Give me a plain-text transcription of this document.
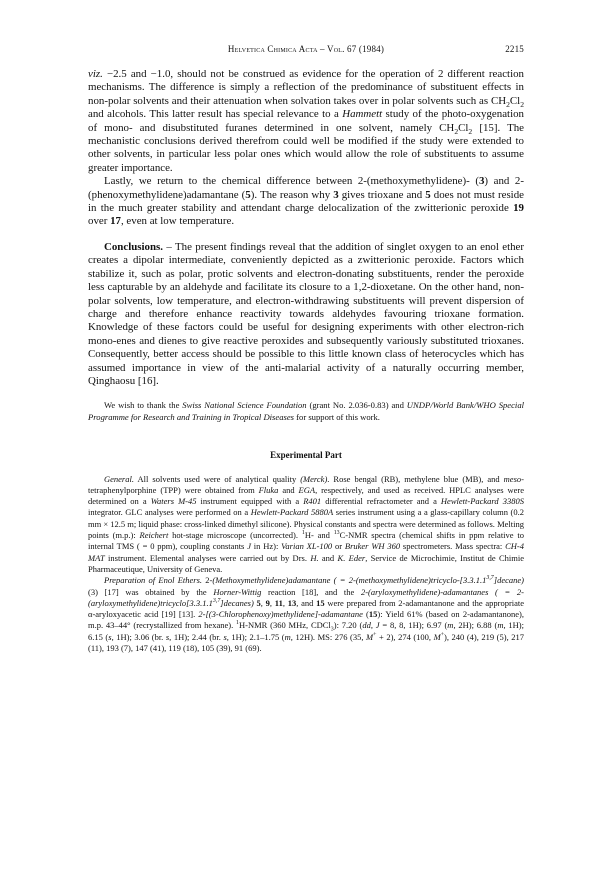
Helvetica Chimica Acta – Vol. 67 (1984)	2215

viz. −2.5 and −1.0, should not be construed as evidence for the operation of 2 different reaction mechanisms. The difference is simply a reflection of the predominance of substituent effects in non-polar solvents and their attenuation when solvation takes over in polar solvents such as $CH_2Cl_2$ and alcohols. This latter result has special relevance to a Hammett study of the photo-oxygenation of mono- and disubstituted furanes determined in one solvent, namely $CH_2Cl_2$ [15]. The mechanistic conclusions derived therefrom could well be modified if the study were extended to other solvents, in particular less polar ones which would allow the role of substituents to assume greater importance.

Lastly, we return to the chemical difference between 2-(methoxymethylidene)- (3) and 2-(phenoxymethylidene)adamantane (5). The reason why 3 gives trioxane and 5 does not must reside in the much greater stability and attendant charge delocalization of the zwitterionic peroxide 19 over 17, even at low temperature.

Conclusions. – The present findings reveal that the addition of singlet oxygen to an enol ether creates a dipolar intermediate, conveniently depicted as a zwitterionic peroxide. Factors which stabilize it, such as polar, protic solvents and electron-donating substituents, render the peroxide less capturable by an aldehyde and facilitate its closure to a 1,2-dioxetane. On the other hand, non-polar solvents, low temperature, and electron-withdrawing substituents will prevent dispersion of charge and therefore enhance reactivity towards aldehydes favouring trioxane formation. Knowledge of these factors could be useful for designing experiments with other electron-rich mono-enes and dienes to give reactive peroxides and subsequently variously substituted trioxanes. Consequently, better access should be possible to this little known class of heterocycles which has assumed importance in view of the anti-malarial activity of a naturally occurring member, Qinghaosu [16].

We wish to thank the Swiss National Science Foundation (grant No. 2.036-0.83) and UNDP/World Bank/WHO Special Programme for Research and Training in Tropical Diseases for support of this work.
Experimental Part

General. All solvents used were of analytical quality (Merck). Rose bengal (RB), methylene blue (MB), and meso-tetraphenylporphine (TPP) were obtained from Fluka and EGA, respectively, and used as received. HPLC analyses were determined on a Waters M-45 instrument equipped with a R401 differential refractometer and a Hewlett-Packard 3380S integrator. GLC analyses were performed on a Hewlett-Packard 5880A series instrument using a a glass-capillary column (0.2 mm × 12.5 m; liquid phase: cross-linked dimethyl silicone). Physical constants and spectra were determined as follows. Melting points (m.p.): Reichert hot-stage microscope (uncorrected). $^1$H- and $^{13}$C-NMR spectra (chemical shifts in ppm relative to internal TMS ( = 0 ppm), coupling constants J in Hz): Varian XL-100 or Bruker WH 360 spectrometers. Mass spectra: CH-4 MAT instrument. Elemental analyses were carried out by Drs. H. and K. Eder, Service de Microchimie, Institut de Chimie Pharmaceutique, University of Geneva.

Preparation of Enol Ethers. 2-(Methoxymethylidene)adamantane ( = $2-(methoxymethylidene)tricyclo-[3.3.1.1^{3,7}]decane$) (3) [17] was obtained by the Horner-Wittig reaction [18], and the 2-(aryloxymethylidene)-adamantanes ( = $2-(aryloxymethylidene)tricyclo[3.3.1.1^{3,7}]decanes$) 5, 9, 11, 13, and 15 were prepared from 2-adamantanone and the appropriate α-aryloxyacetic acid [19] [13]. 2-[(3-Chlorophenoxy)methylidene]-adamantane (15): Yield 61% (based on 2-adamantanone), m.p. 43–44° (recrystallized from hexane). $^1$H-NMR (360 MHz, CDCl$_3$): 7.20 (dd, J = 8, 8, 1H); 6.97 (m, 2H); 6.88 (m, 1H); 6.15 (s, 1H); 3.06 (br. s, 1H); 2.44 (br. s, 1H); 2.1–1.75 (m, 12H). MS: 276 (35, M+ + 2), 274 (100, M+), 240 (4), 219 (5), 217 (11), 193 (7), 147 (41), 119 (18), 105 (39), 91 (69).
